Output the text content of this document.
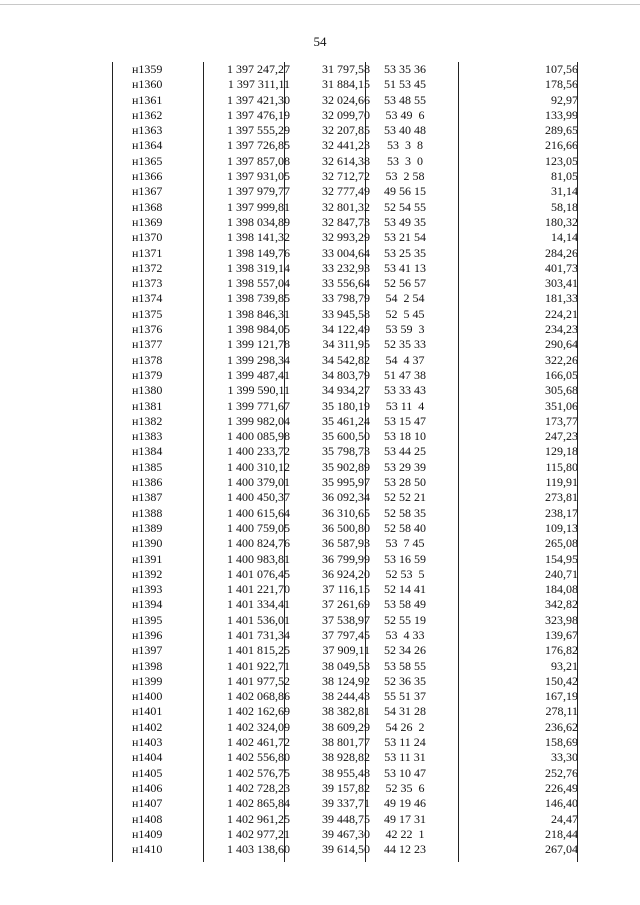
54
н1359	1 397 247,27	31 797,58	53 35 36	107,56
н1360	1 397 311,11	31 884,15	51 53 45	178,56
н1361	1 397 421,30	32 024,66	53 48 55	92,97
н1362	1 397 476,19	32 099,70	53 49  6	133,99
н1363	1 397 555,29	32 207,85	53 40 48	289,65
н1364	1 397 726,85	32 441,23	53  3  8	216,66
н1365	1 397 857,08	32 614,38	53  3  0	123,05
н1366	1 397 931,05	32 712,72	53  2 58	81,05
н1367	1 397 979,77	32 777,49	49 56 15	31,14
н1368	1 397 999,81	32 801,32	52 54 55	58,18
н1369	1 398 034,89	32 847,73	53 49 35	180,32
н1370	1 398 141,32	32 993,29	53 21 54	14,14
н1371	1 398 149,76	33 004,64	53 25 35	284,26
н1372	1 398 319,14	33 232,93	53 41 13	401,73
н1373	1 398 557,04	33 556,64	52 56 57	303,41
н1374	1 398 739,85	33 798,79	54  2 54	181,33
н1375	1 398 846,31	33 945,58	52  5 45	224,21
н1376	1 398 984,05	34 122,49	53 59  3	234,23
н1377	1 399 121,78	34 311,95	52 35 33	290,64
н1378	1 399 298,34	34 542,82	54  4 37	322,26
н1379	1 399 487,41	34 803,79	51 47 38	166,05
н1380	1 399 590,11	34 934,27	53 33 43	305,68
н1381	1 399 771,67	35 180,19	53 11  4	351,06
н1382	1 399 982,04	35 461,24	53 15 47	173,77
н1383	1 400 085,98	35 600,50	53 18 10	247,23
н1384	1 400 233,72	35 798,73	53 44 25	129,18
н1385	1 400 310,12	35 902,89	53 29 39	115,80
н1386	1 400 379,01	35 995,97	53 28 50	119,91
н1387	1 400 450,37	36 092,34	52 52 21	273,81
н1388	1 400 615,64	36 310,65	52 58 35	238,17
н1389	1 400 759,05	36 500,80	52 58 40	109,13
н1390	1 400 824,76	36 587,93	53  7 45	265,08
н1391	1 400 983,81	36 799,99	53 16 59	154,95
н1392	1 401 076,45	36 924,20	52 53  5	240,71
н1393	1 401 221,70	37 116,15	52 14 41	184,08
н1394	1 401 334,41	37 261,69	53 58 49	342,82
н1395	1 401 536,01	37 538,97	52 55 19	323,98
н1396	1 401 731,34	37 797,45	53  4 33	139,67
н1397	1 401 815,25	37 909,11	52 34 26	176,82
н1398	1 401 922,71	38 049,53	53 58 55	93,21
н1399	1 401 977,52	38 124,92	52 36 35	150,42
н1400	1 402 068,86	38 244,43	55 51 37	167,19
н1401	1 402 162,69	38 382,81	54 31 28	278,11
н1402	1 402 324,09	38 609,29	54 26  2	236,62
н1403	1 402 461,72	38 801,77	53 11 24	158,69
н1404	1 402 556,80	38 928,82	53 11 31	33,30
н1405	1 402 576,75	38 955,48	53 10 47	252,76
н1406	1 402 728,23	39 157,82	52 35  6	226,49
н1407	1 402 865,84	39 337,71	49 19 46	146,40
н1408	1 402 961,25	39 448,75	49 17 31	24,47
н1409	1 402 977,21	39 467,30	42 22  1	218,44
н1410	1 403 138,60	39 614,50	44 12 23	267,04
